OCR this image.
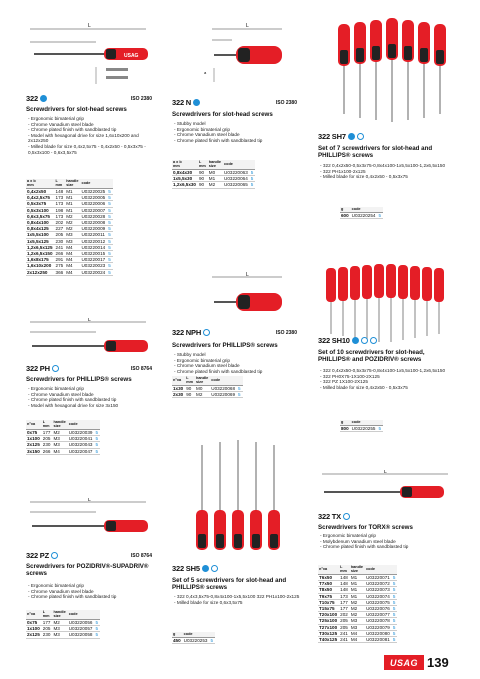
L
USAG
322	ISO 2380
Screwdrivers for slot-head screws
- Ergonomic bimaterial grip
- Chrome Vanadium steel blade
- Chrome plated finish with sandblasted tip
- Model with hexagonal drive for size 1,6x10x200 and 2x12x250
- Milled blade for size 0,4x2,5x75 - 0,4x2x50 - 0,5x3x75 - 0,5x3x100 - 0,6x3,5x75
a x b
mm	L
mm	handle
size	code	
0,4x2x50	148	M1	U03220025	5
0,4x2,5x75	173	M1	U03220005	5
0,5x3x75	173	M1	U03220006	5
0,5x3x100	198	M1	U03220007	5
0,6x3,5x75	173	M2	U03220028	5
0,8x4x100	202	M2	U03220008	5
0,8x4x125	227	M2	U03220009	5
1x5,5x100	205	M3	U03220011	5
1x5,5x125	230	M3	U03220012	5
1,2x6,5x125	241	M4	U03220014	5
1,2x6,5x150	266	M4	U03220015	5
1,6x8x175	291	M4	U03220017	5
1,6x10x200	275	M4	U03220023	5
2x12x250	366	M4	U03220024	5
L
322 PH	ISO 8764
Screwdrivers for PHILLIPS® screws
- Ergonomic bimaterial grip
- Chrome Vanadium steel blade
- Chrome plated finish with sandblasted tip
- Model with hexagonal drive for size 3x150
n°xa	L
mm	handle
size	code	
0x75	177	M2	U03220039	5
1x100	205	M3	U03220041	5
2x125	230	M3	U03220043	5
3x150	266	M4	U03220047	5
L
322 PZ	ISO 8764
Screwdrivers for POZIDRIV®-SUPADRIV® screws
- Ergonomic bimaterial grip
- Chrome Vanadium steel blade
- Chrome plated finish with sandblasted tip
n°xa	L
mm	handle
size	code	
0x75	177	M2	U03220056	5
1x100	205	M3	U03220057	5
2x125	230	M3	U03220058	5
L
a
322 N	ISO 2380
Screwdrivers for slot-head screws
- Stubby model
- Ergonomic bimaterial grip
- Chrome Vanadium steel blade
- Chrome plated finish with sandblasted tip
a x b
mm	L
mm	handle
size	code	
0,8x4x30	90	M0	U03220063	5
1x5,5x30	90	M1	U03220064	5
1,2x6,5x30	90	M2	U03220065	5
L
322 NPH	ISO 2380
Screwdrivers for PHILLIPS® screws
- Stubby model
- Ergonomic bimaterial grip
- Chrome Vanadium steel blade
- Chrome plated finish with sandblasted tip
n°xa	L
mm	handle
size	code	
1x30	90	M0	U03220068	5
2x30	90	M2	U03220069	5
322 SH5
Set of 5 screwdrivers for slot-head and PHILLIPS® screws
- 322 0,4x3,5x75-0,8x4x100-1x5,5x100 322 PH1x100-2x125
- Milled blade for size 0,6x3,5x75
g	code	
450	U03220253	5
322 SH7
Set of 7 screwdrivers for slot-head and PHILLIPS® screws
- 322 0,4x2x50-0,5x3x75-0,8x4x100-1x5,5x100-1,2x6,5x150
- 322 PH1x100-2x125
- Milled blade for size 0,4x2x50 - 0,5x3x75
g	code	
600	U03220254	5
322 SH10
Set of 10 screwdrivers for slot-head, PHILLIPS® and POZIDRIV® screws
- 322 0,4x2x50-0,5x3x75-0,8x4x100-1x5,5x100-1,2x6,5x150
- 322 PH0X75-1X100-2X125
- 322 PZ 1X100-2X125
- Milled blade for size 0,4x2x50 - 0,5x3x75
g	code	
800	U03220255	5
L
322 TX
Screwdrivers for TORX® screws
- Ergonomic bimaterial grip
- Molybdenum Vanadium steel blade
- Chrome plated finish with sandblasted tip
n°xa	L
mm	handle
size	code	
T6x50	148	M1	U03220071	5
T7x50	148	M1	U03220072	5
T8x50	148	M1	U03220073	5
T9x75	173	M1	U03220074	5
T10x75	177	M2	U03220075	5
T15x75	177	M2	U03220076	5
T20x100	202	M2	U03220077	5
T25x100	205	M3	U03220078	5
T27x100	205	M3	U03220079	5
T30x125	241	M4	U03220080	5
T40x125	241	M4	U03220081	5
USAG 139
